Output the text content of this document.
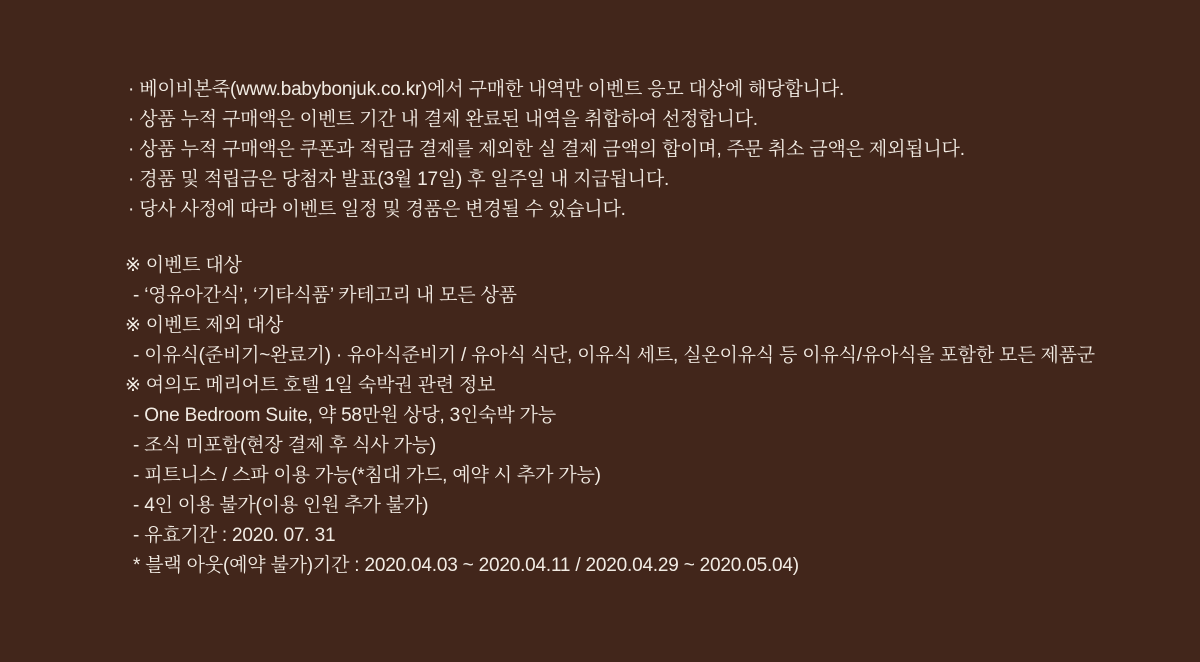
· 베이비본죽(www.babybonjuk.co.kr)에서 구매한 내역만 이벤트 응모 대상에 해당합니다.

· 상품 누적 구매액은 이벤트 기간 내 결제 완료된 내역을 취합하여 선정합니다.

· 상품 누적 구매액은 쿠폰과 적립금 결제를 제외한 실 결제 금액의 합이며, 주문 취소 금액은 제외됩니다.

· 경품 및 적립금은 당첨자 발표(3월 17일) 후 일주일 내 지급됩니다.

· 당사 사정에 따라 이벤트 일정 및 경품은 변경될 수 있습니다.

※ 이벤트 대상

- ‘영유아간식’, ‘기타식품’ 카테고리 내 모든 상품

※ 이벤트 제외 대상

- 이유식(준비기~완료기) · 유아식준비기 / 유아식 식단, 이유식 세트, 실온이유식 등 이유식/유아식을 포함한 모든 제품군

※ 여의도 메리어트 호텔 1일 숙박권 관련 정보

- One Bedroom Suite, 약 58만원 상당, 3인숙박 가능

- 조식 미포함(현장 결제 후 식사 가능)

- 피트니스 / 스파 이용 가능(*침대 가드, 예약 시 추가 가능)

- 4인 이용 불가(이용 인원 추가 불가)

- 유효기간 : 2020. 07. 31

* 블랙 아웃(예약 불가)기간 : 2020.04.03 ~ 2020.04.11 / 2020.04.29 ~ 2020.05.04)
